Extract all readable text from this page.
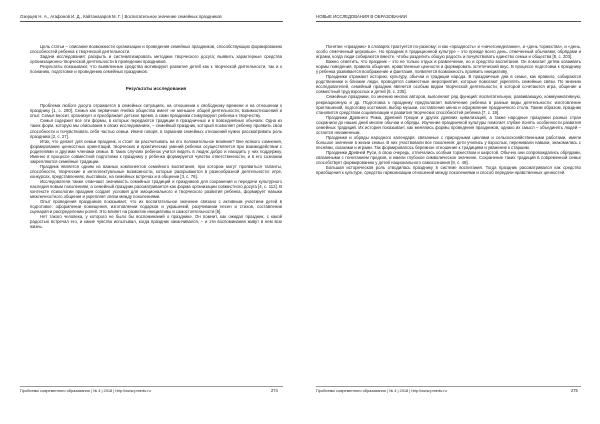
Озерцев Н. А., Агафонов И. Д., Кайтаназаров М. Г. | Воспитательное значение семейных праздников

Цель статьи – описание возможности организации и проведения семейных праздников, способствующих формированию способностей ребенка к творческой деятельности.

Задачи исследования: раскрыть и систематизировать методики творческого досуга; выявить характерные средства организационно-творческой деятельности в проведении праздников.

Результаты показывают, что выявленные средства мотивируют развитие детей как к творческой деятельности, так и к познанию, подготовке и проведению семейных праздников.

Результаты исследования

Проблема любого досуга отражается в семейных ситуациях, на отношении к свободному времени и на отношении к празднику [1, с. 290]. Семья как первичная ячейка общества имеет не меньшее общей деятельности, взаимоотношений и опыт. Семья вносит, организует и преображает детское время, а сами праздники стимулируют ребенка к творчеству.

Семья содержит все эти формы, в которых передаются традиции в праздничных и в повседневных обычаях. Одна из таких форм, которую мы описываем в своих исследованиях, – семейный праздник, который позволяет ребенку проявить свои способности и почувствовать себя частью семьи. Иначе говоря, в гармонии семейных отношений нужно рассматривать роль праздника [2, с. 27].

Итак, что делает для семьи праздник, и стоит ли рассчитывать на его положительное влияние? Вне всякого сомнения, формирование ценностных ориентаций, творческих и практических умений ребенка осуществляется при взаимодействии с родителями и другими членами семьи. В таких случаях ребенок учится видеть в людях добро и находить у них поддержку. Именно в процессе совместной подготовки к празднику у ребенка формируется чувство ответственности, и в его сознании закрепляются семейные традиции.

Праздник является одним из важных компонентов семейного воспитания, при котором могут проявиться таланты, способности, творческие и интеллектуальные возможности, которые раскрываются в разнообразной деятельности: игре, конкурсах, представлениях, выставках, на семейных встречах и в общении [3, с. 78].

Исследователи также отмечают значимость семейных традиций и праздников для сохранения и передачи культурного наследия новым поколениям, а семейный праздник рассматривается как форма организации совместного досуга [4, с. 112]. В контексте психологии праздник создает условия для эмоционального и творческого развития ребенка, формирует навыки межличностного общения и укрепляет связи между поколениями.

Опыт проведения праздников показывает, что их воспитательное значение связано с активным участием детей в подготовке: оформлении помещения, изготовлении подарков и украшений, разучивании песен и стихов, составлении сценария и распределении ролей. Это влияет на развитие инициативы и самостоятельности [5].

Нет такого человека, у которого не было бы воспоминаний о празднике. Он помнит, как ожидал праздник, с какой радостью встречал его, и какие чувства испытывал, когда праздник заканчивался, – и эти воспоминания живут в нем всю жизнь.

Проблемы современного образования | № 4 | 2018 | http://www.pmedu.ru	274
НОВЫЕ ИССЛЕДОВАНИЯ В ОБРАЗОВАНИИ

Понятие «праздник» в словарях трактуется по-разному: и как «праздность» и «ничегонеделание», и «день торжества», и «день, особо отмеченный церковью». Но праздник в традиционной культуре – это прежде всего день, отмеченный обычаями, обрядами и играми, когда люди собираются вместе, чтобы разделить общую радость и почувствовать единство семьи и общества [5, с. 203].

Важно отметить, что праздник – это не только отдых и развлечение, но и средство воспитания. Он помогает детям осваивать нормы поведения, правила общения, нравственные ценности и формировать эстетический вкус. В процессе подготовки к празднику у ребенка развивается воображение и фантазия, появляется возможность проявить инициативу.

Праздники отражают историю, культуру, обычаи и традиции народа. В праздничные дни в семье, как правило, собираются родственники и близкие люди, проводятся совместные мероприятия, которые помогают укреплять семейные связи. По мнению исследователей, семейный праздник является особым видом творческой деятельности, в которой сочетаются игра, общение и совместный труд взрослых и детей [6, с. 235].

Семейные праздники, по мнению многих авторов, выполняют ряд функций: воспитательную, развивающую, коммуникативную, рекреационную и др. Подготовка к празднику предполагает вовлечение ребенка в разные виды деятельности: изготовление приглашений, подготовку костюмов, выбор музыки, составление меню и оформление праздничного стола. Таким образом, праздник становится средством социализации и развития творческих способностей ребенка [7, с. 19].

Праздники Древнего Рима, Древней Греции и других древних цивилизаций, а также народные праздники разных стран сохранили до наших дней многие обычаи и обряды. Изучение праздничной культуры помогает глубже понять особенности развития семейных традиций. Их история показывает, как менялись формы проведения праздников, однако их смысл – объединять людей – остается неизменным.

Праздники и обряды народного календаря, связанные с природными циклами и сельскохозяйственными работами, имели большое значение в жизни семьи. В них участвовали все поколения: дети учились у взрослых, перенимали навыки, знакомились с песнями, сказками и играми. Так формировалось бережное отношение к традициям и уважение к старшим.

Праздники Древней Руси, в свою очередь, отличались особым торжеством и широтой. Обычно они сопровождались обрядами, связанными с почитанием предков, и имели глубокое символическое значение. Сохранение таких традиций в современной семье способствует формированию у детей национального самосознания [8, с. 48].

Большая историческая роль отводилась празднику в системе воспитания. Тогда праздник рассматривался как средство приобщения к культуре, средство гармонизации отношений между поколениями и способ передачи нравственных ценностей.

Проблемы современного образования | № 4 | 2018 | http://www.pmedu.ru	275
